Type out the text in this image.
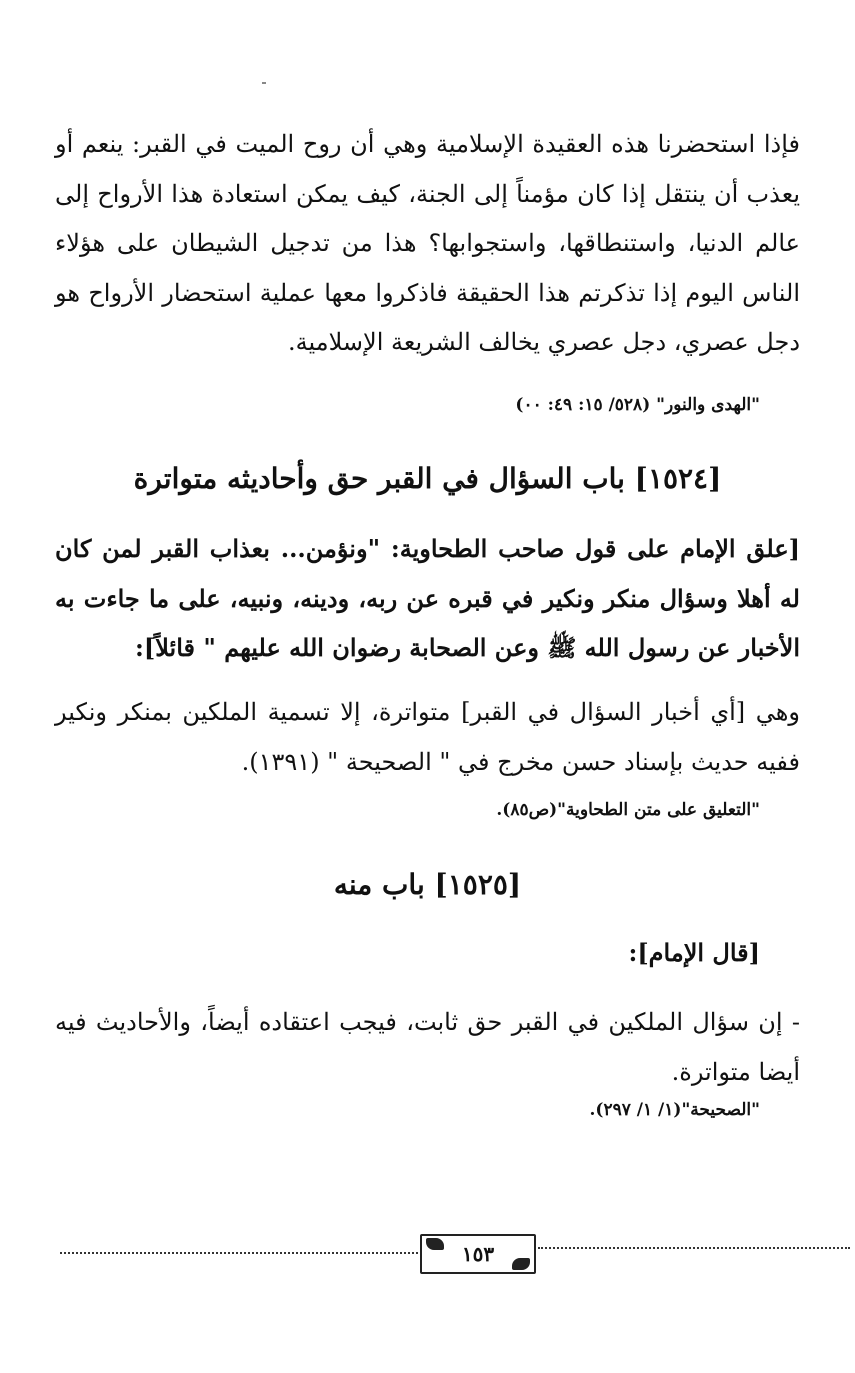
فإذا استحضرنا هذه العقيدة الإسلامية وهي أن روح الميت في القبر: ينعم أو يعذب أن ينتقل إذا كان مؤمناً إلى الجنة، كيف يمكن استعادة هذا الأرواح إلى عالم الدنيا، واستنطاقها، واستجوابها؟ هذا من تدجيل الشيطان على هؤلاء الناس اليوم إذا تذكرتم هذا الحقيقة فاذكروا معها عملية استحضار الأرواح هو دجل عصري، دجل عصري يخالف الشريعة الإسلامية.
"الهدى والنور" (٥٢٨/ ١٥: ٤٩: ٠٠)
[١٥٢٤] باب السؤال في القبر حق وأحاديثه متواترة
[علق الإمام على قول صاحب الطحاوية: "ونؤمن... بعذاب القبر لمن كان له أهلا وسؤال منكر ونكير في قبره عن ربه، ودينه، ونبيه، على ما جاءت به الأخبار عن رسول الله ﷺ وعن الصحابة رضوان الله عليهم " قائلاً]:
وهي [أي أخبار السؤال في القبر] متواترة، إلا تسمية الملكين بمنكر ونكير ففيه حديث بإسناد حسن مخرج في " الصحيحة " (١٣٩١).
"التعليق على متن الطحاوية"(ص٨٥).
[١٥٢٥] باب منه
[قال الإمام]:
- إن سؤال الملكين في القبر حق ثابت، فيجب اعتقاده أيضاً، والأحاديث فيه أيضا متواترة.
"الصحيحة"(١/ ١/ ٢٩٧).
١٥٣
